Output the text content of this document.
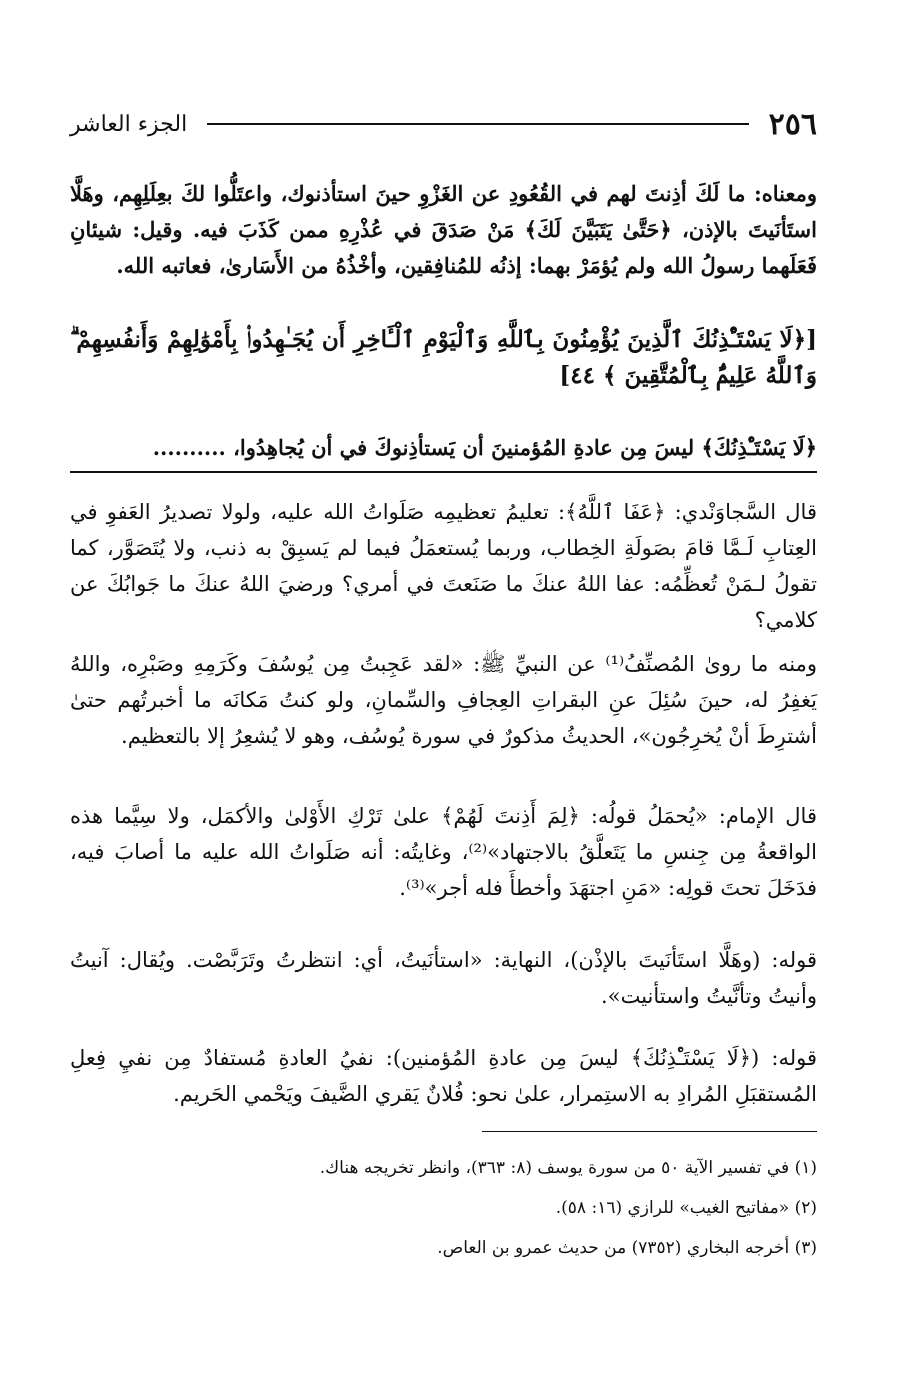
٢٥٦
الجزء العاشر

ومعناه: ما لَكَ أذِنتَ لهم في القُعُودِ عن الغَزْوِ حينَ استأذنوك، واعتَلُّوا لكَ بعِلَلِهِم، وهَلَّا استَأنَيتَ بالإذن، ﴿حَتَّىٰ يَتَبَيَّنَ لَكَ﴾ مَنْ صَدَقَ في عُذْرِهِ ممن كَذَبَ فيه. وقيل: شيئانِ فَعَلَهما رسولُ الله ولم يُؤمَرْ بهما: إذنُه للمُنافِقين، وأخْذُهُ من الأَسَارىٰ، فعاتبه الله.

[﴿لَا يَسْتَـْٔذِنُكَ ٱلَّذِينَ يُؤْمِنُونَ بِٱللَّهِ وَٱلْيَوْمِ ٱلْـَٔاخِرِ أَن يُجَـٰهِدُوا۟ بِأَمْوَٰلِهِمْ وَأَنفُسِهِمْ ۗ وَٱللَّهُ عَلِيمٌۢ بِٱلْمُتَّقِينَ ﴾ ٤٤]

﴿لَا يَسْتَـْٔذِنُكَ﴾ ليسَ مِن عادةِ المُؤمنينَ أن يَستأذِنوكَ في أن يُجاهِدُوا، ..........

قال السَّجاوَنْدي: ﴿عَفَا ٱللَّهُ﴾: تعليمُ تعظيمِه صَلَواتُ الله عليه، ولولا تصديرُ العَفوِ في العِتابِ لَـمَّا قامَ بصَولَةِ الخِطاب، وربما يُستعمَلُ فيما لم يَسبِقْ به ذنب، ولا يُتَصَوَّر، كما تقولُ لـمَنْ تُعظِّمُه: عفا اللهُ عنكَ ما صَنَعتَ في أمري؟ ورضيَ اللهُ عنكَ ما جَوابُكَ عن كلامي؟

ومنه ما روىٰ المُصنِّفُ⁽¹⁾ عن النبيِّ ﷺ: «لقد عَجِبتُ مِن يُوسُفَ وكَرَمِهِ وصَبْرِه، واللهُ يَغفِرُ له، حينَ سُئِلَ عنِ البقراتِ العِجافِ والسِّمانِ، ولو كنتُ مَكانَه ما أخبرتُهم حتىٰ أشترِطَ أنْ يُخرِجُون»، الحديثُ مذكورٌ في سورة يُوسُف، وهو لا يُشعِرُ إلا بالتعظيم.

قال الإمام: «يُحمَلُ قولُه: ﴿لِمَ أَذِنتَ لَهُمْ﴾ علىٰ تَرْكِ الأَوْلىٰ والأكمَل، ولا سِيَّما هذه الواقعةُ مِن جِنسِ ما يَتَعلَّقُ بالاجتهاد»⁽²⁾، وغايتُه: أنه صَلَواتُ الله عليه ما أصابَ فيه، فدَخَلَ تحتَ قولِه: «مَنِ اجتهَدَ وأخطأَ فله أجر»⁽³⁾.

قوله: (وهَلَّا استَأنَيتَ بالإذْن)، النهاية: «استأنَيتُ، أي: انتظرتُ وتَرَبَّصْت. ويُقال: آنيتُ وأنيتُ وتأنَّيتُ واستأنيت».

قوله: (﴿لَا يَسْتَـْٔذِنُكَ﴾ ليسَ مِن عادةِ المُؤمنين): نفيُ العادةِ مُستفادٌ مِن نفيِ فِعلِ المُستقبَلِ المُرادِ به الاستِمرار، علىٰ نحو: فُلانٌ يَقري الضَّيفَ ويَحْمي الحَريم.

(١) في تفسير الآية ٥٠ من سورة يوسف (٨: ٣٦٣)، وانظر تخريجه هناك.

(٢) «مفاتيح الغيب» للرازي (١٦: ٥٨).

(٣) أخرجه البخاري (٧٣٥٢) من حديث عمرو بن العاص.
